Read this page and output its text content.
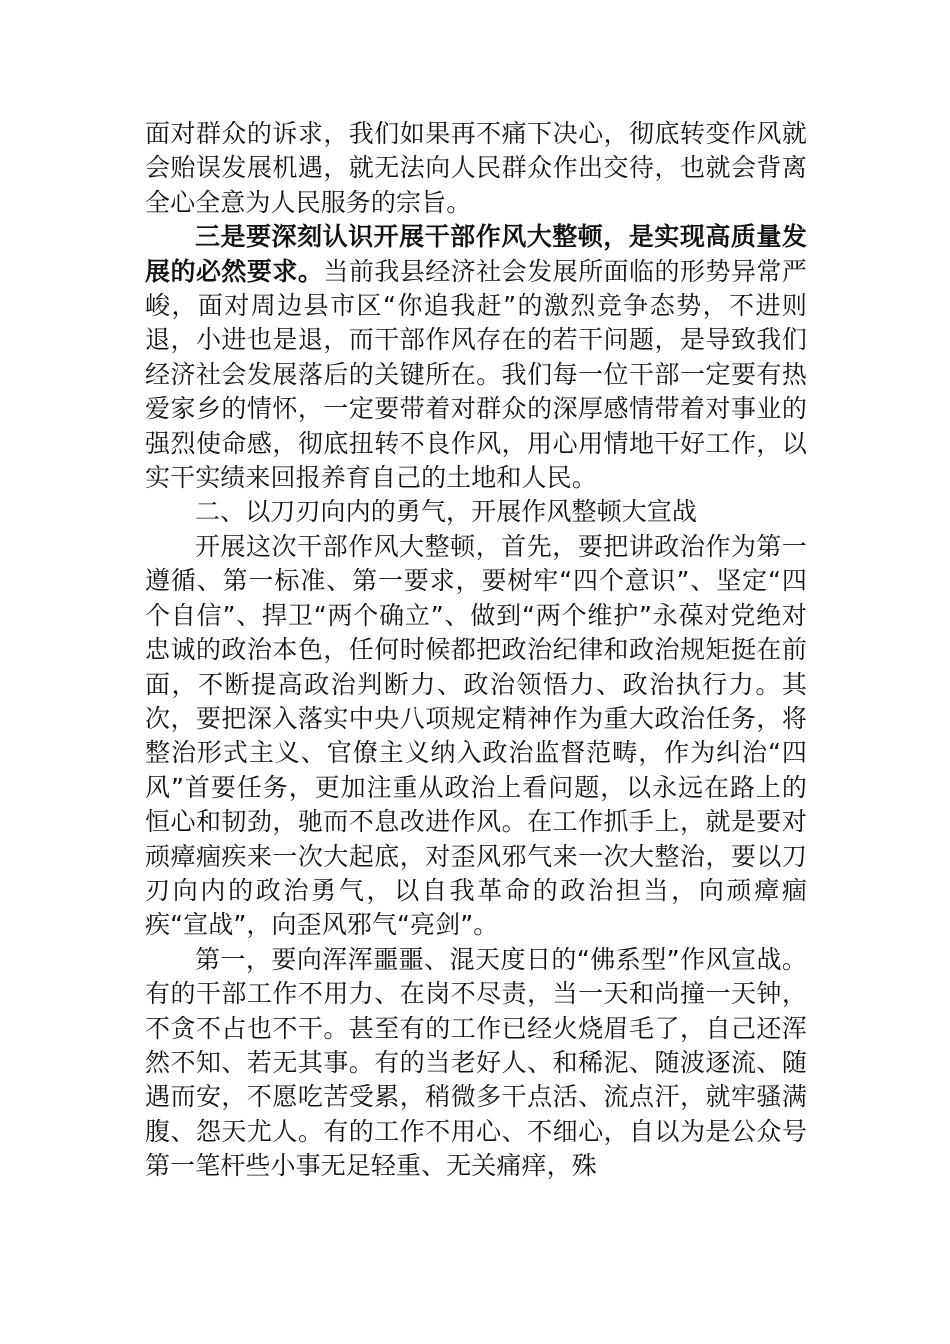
面对群众的诉求，我们如果再不痛下决心，彻底转变作风就会贻误发展机遇，就无法向人民群众作出交待，也就会背离全心全意为人民服务的宗旨。

三是要深刻认识开展干部作风大整顿，是实现高质量发展的必然要求。当前我县经济社会发展所面临的形势异常严峻，面对周边县市区“你追我赶”的激烈竞争态势，不进则退，小进也是退，而干部作风存在的若干问题，是导致我们经济社会发展落后的关键所在。我们每一位干部一定要有热爱家乡的情怀，一定要带着对群众的深厚感情带着对事业的强烈使命感，彻底扭转不良作风，用心用情地干好工作，以实干实绩来回报养育自己的土地和人民。

二、以刀刃向内的勇气，开展作风整顿大宣战

开展这次干部作风大整顿，首先，要把讲政治作为第一遵循、第一标准、第一要求，要树牢“四个意识”、坚定“四个自信”、捍卫“两个确立”、做到“两个维护”永葆对党绝对忠诚的政治本色，任何时候都把政治纪律和政治规矩挺在前面，不断提高政治判断力、政治领悟力、政治执行力。其次，要把深入落实中央八项规定精神作为重大政治任务，将整治形式主义、官僚主义纳入政治监督范畴，作为纠治“四风”首要任务，更加注重从政治上看问题，以永远在路上的恒心和韧劲，驰而不息改进作风。在工作抓手上，就是要对顽瘴痼疾来一次大起底，对歪风邪气来一次大整治，要以刀刃向内的政治勇气，以自我革命的政治担当，向顽瘴痼疾“宣战”，向歪风邪气“亮剑”。

第一，要向浑浑噩噩、混天度日的“佛系型”作风宣战。有的干部工作不用力、在岗不尽责，当一天和尚撞一天钟，不贪不占也不干。甚至有的工作已经火烧眉毛了，自己还浑然不知、若无其事。有的当老好人、和稀泥、随波逐流、随遇而安，不愿吃苦受累，稍微多干点活、流点汗，就牢骚满腹、怨天尤人。有的工作不用心、不细心，自以为是公众号第一笔杆些小事无足轻重、无关痛痒，殊
